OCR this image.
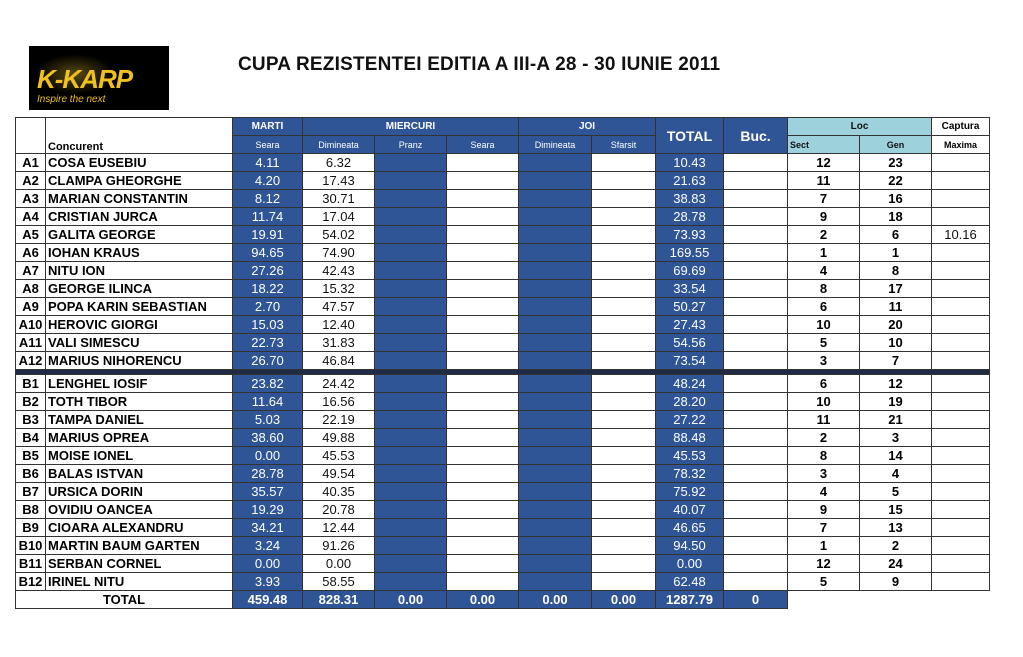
K-KARP
Inspire the next
CUPA REZISTENTEI EDITIA A III-A 28 - 30 IUNIE 2011
	Concurent	MARTI	MIERCURI			JOI		TOTAL	Buc.	Loc		Captura
		Seara	Dimineata	Pranz	Seara	Dimineata	Sfarsit			Sect	Gen	Maxima
A1	COSA EUSEBIU	4.11	6.32					10.43		12	23	
A2	CLAMPA GHEORGHE	4.20	17.43					21.63		11	22	
A3	MARIAN CONSTANTIN	8.12	30.71					38.83		7	16	
A4	CRISTIAN JURCA	11.74	17.04					28.78		9	18	
A5	GALITA GEORGE	19.91	54.02					73.93		2	6	10.16
A6	IOHAN KRAUS	94.65	74.90					169.55		1	1	
A7	NITU ION	27.26	42.43					69.69		4	8	
A8	GEORGE ILINCA	18.22	15.32					33.54		8	17	
A9	POPA KARIN SEBASTIAN	2.70	47.57					50.27		6	11	
A10	HEROVIC GIORGI	15.03	12.40					27.43		10	20	
A11	VALI SIMESCU	22.73	31.83					54.56		5	10	
A12	MARIUS NIHORENCU	26.70	46.84					73.54		3	7	

B1	LENGHEL IOSIF	23.82	24.42					48.24		6	12	
B2	TOTH TIBOR	11.64	16.56					28.20		10	19	
B3	TAMPA DANIEL	5.03	22.19					27.22		11	21	
B4	MARIUS OPREA	38.60	49.88					88.48		2	3	
B5	MOISE IONEL	0.00	45.53					45.53		8	14	
B6	BALAS ISTVAN	28.78	49.54					78.32		3	4	
B7	URSICA DORIN	35.57	40.35					75.92		4	5	
B8	OVIDIU OANCEA	19.29	20.78					40.07		9	15	
B9	CIOARA ALEXANDRU	34.21	12.44					46.65		7	13	
B10	MARTIN BAUM GARTEN	3.24	91.26					94.50		1	2	
B11	SERBAN CORNEL	0.00	0.00					0.00		12	24	
B12	IRINEL NITU	3.93	58.55					62.48		5	9	
TOTAL		459.48	828.31	0.00	0.00	0.00	0.00	1287.79	0			
